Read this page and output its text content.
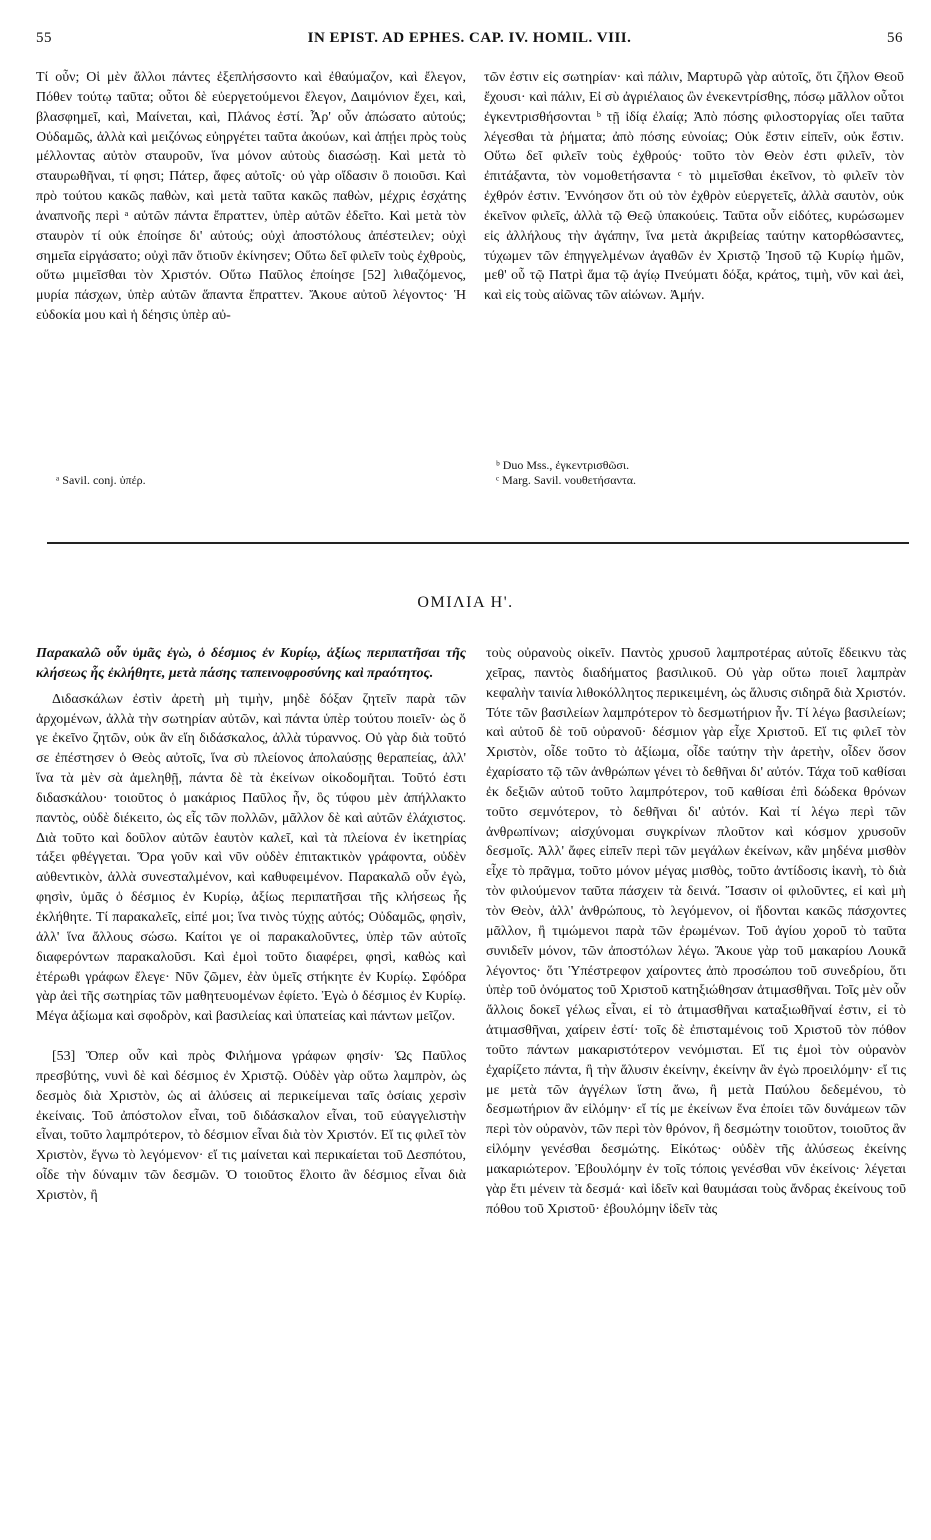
55	IN EPIST. AD EPHES. CAP. IV. HOMIL. VIII.	56

Τί οὖν; Οἱ μὲν ἄλλοι πάντες ἐξεπλήσσοντο καὶ ἐθαύμαζον, καὶ ἔλεγον, Πόθεν τούτῳ ταῦτα; οὗτοι δὲ εὐεργετούμενοι ἔλεγον, Δαιμόνιον ἔχει, καὶ, βλασφημεῖ, καὶ, Μαίνεται, καὶ, Πλάνος ἐστί. Ἆρ' οὖν ἀπώσατο αὐτούς; Οὐδαμῶς, ἀλλὰ καὶ μειζόνως εὐηργέτει ταῦτα ἀκούων, καὶ ἀπῄει πρὸς τοὺς μέλλοντας αὐτὸν σταυροῦν, ἵνα μόνον αὐτοὺς διασώσῃ. Καὶ μετὰ τὸ σταυρωθῆναι, τί φησι; Πάτερ, ἄφες αὐτοῖς· οὐ γὰρ οἴδασιν ὃ ποιοῦσι. Καὶ πρὸ τούτου κακῶς παθὼν, καὶ μετὰ ταῦτα κακῶς παθὼν, μέχρις ἐσχάτης ἀναπνοῆς περὶ ᵃ αὐτῶν πάντα ἔπραττεν, ὑπὲρ αὐτῶν ἐδεῖτο. Καὶ μετὰ τὸν σταυρὸν τί οὐκ ἐποίησε δι' αὐτούς; οὐχὶ ἀποστόλους ἀπέστειλεν; οὐχὶ σημεῖα εἰργάσατο; οὐχὶ πᾶν ὅτιοῦν ἐκίνησεν; Οὕτω δεῖ φιλεῖν τοὺς ἐχθροὺς, οὕτω μιμεῖσθαι τὸν Χριστόν. Οὕτω Παῦλος ἐποίησε [52] λιθαζόμενος, μυρία πάσχων, ὑπὲρ αὐτῶν ἅπαντα ἔπραττεν. Ἄκουε αὐτοῦ λέγοντος· Ἡ εὐδοκία μου καὶ ἡ δέησις ὑπὲρ αὐ-

τῶν ἐστιν εἰς σωτηρίαν· καὶ πάλιν, Μαρτυρῶ γὰρ αὐτοῖς, ὅτι ζῆλον Θεοῦ ἔχουσι· καὶ πάλιν, Εἰ σὺ ἀγριέλαιος ὢν ἐνεκεντρίσθης, πόσῳ μᾶλλον οὗτοι ἐγκεντρισθήσονται ᵇ τῇ ἰδίᾳ ἐλαίᾳ; Ἀπὸ πόσης φιλοστοργίας οἴει ταῦτα λέγεσθαι τὰ ῥήματα; ἀπὸ πόσης εὐνοίας; Οὐκ ἔστιν εἰπεῖν, οὐκ ἔστιν. Οὕτω δεῖ φιλεῖν τοὺς ἐχθρούς· τοῦτο τὸν Θεὸν ἐστι φιλεῖν, τὸν ἐπιτάξαντα, τὸν νομοθετήσαντα ᶜ τὸ μιμεῖσθαι ἐκεῖνον, τὸ φιλεῖν τὸν ἐχθρόν ἐστιν. Ἐννόησον ὅτι οὐ τὸν ἐχθρὸν εὐεργετεῖς, ἀλλὰ σαυτὸν, οὐκ ἐκεῖνον φιλεῖς, ἀλλὰ τῷ Θεῷ ὑπακούεις. Ταῦτα οὖν εἰδότες, κυρώσωμεν εἰς ἀλλήλους τὴν ἀγάπην, ἵνα μετὰ ἀκριβείας ταύτην κατορθώσαντες, τύχωμεν τῶν ἐπηγγελμένων ἀγαθῶν ἐν Χριστῷ Ἰησοῦ τῷ Κυρίῳ ἡμῶν, μεθ' οὗ τῷ Πατρὶ ἅμα τῷ ἁγίῳ Πνεύματι δόξα, κράτος, τιμὴ, νῦν καὶ ἀεὶ, καὶ εἰς τοὺς αἰῶνας τῶν αἰώνων. Ἀμήν.

ᵃ Savil. conj. ὑπέρ.
ᵇ Duo Mss., ἐγκεντρισθῶσι.
ᶜ Marg. Savil. νουθετήσαντα.
ΟΜΙΛΙΑ Η'.

Παρακαλῶ οὖν ὑμᾶς ἐγὼ, ὁ δέσμιος ἐν Κυρίῳ, ἀξίως περιπατῆσαι τῆς κλήσεως ἧς ἐκλήθητε, μετὰ πάσης ταπεινοφροσύνης καὶ πραότητος.

Διδασκάλων ἐστὶν ἀρετὴ μὴ τιμὴν, μηδὲ δόξαν ζητεῖν παρὰ τῶν ἀρχομένων, ἀλλὰ τὴν σωτηρίαν αὐτῶν, καὶ πάντα ὑπὲρ τούτου ποιεῖν· ὡς ὅ γε ἐκεῖνο ζητῶν, οὐκ ἂν εἴη διδάσκαλος, ἀλλὰ τύραννος. Οὐ γὰρ διὰ τοῦτό σε ἐπέστησεν ὁ Θεὸς αὐτοῖς, ἵνα σὺ πλείονος ἀπολαύσῃς θεραπείας, ἀλλ' ἵνα τὰ μὲν σὰ ἀμεληθῇ, πάντα δὲ τὰ ἐκείνων οἰκοδομῆται. Τοῦτό ἐστι διδασκάλου· τοιοῦτος ὁ μακάριος Παῦλος ἦν, ὃς τύφου μὲν ἀπήλλακτο παντὸς, οὐδὲ διέκειτο, ὡς εἷς τῶν πολλῶν, μᾶλλον δὲ καὶ αὐτῶν ἐλάχιστος. Διὰ τοῦτο καὶ δοῦλον αὐτῶν ἑαυτὸν καλεῖ, καὶ τὰ πλείονα ἐν ἱκετηρίας τάξει φθέγγεται. Ὅρα γοῦν καὶ νῦν οὐδὲν ἐπιτακτικὸν γράφοντα, οὐδὲν αὐθεντικὸν, ἀλλὰ συνεσταλμένον, καὶ καθυφειμένον. Παρακαλῶ οὖν ἐγὼ, φησὶν, ὑμᾶς ὁ δέσμιος ἐν Κυρίῳ, ἀξίως περιπατῆσαι τῆς κλήσεως ἧς ἐκλήθητε. Τί παρακαλεῖς, εἰπέ μοι; ἵνα τινὸς τύχῃς αὐτός; Οὐδαμῶς, φησὶν, ἀλλ' ἵνα ἄλλους σώσω. Καίτοι γε οἱ παρακαλοῦντες, ὑπὲρ τῶν αὐτοῖς διαφερόντων παρακαλοῦσι. Καὶ ἐμοὶ τοῦτο διαφέρει, φησὶ, καθὼς καὶ ἑτέρωθι γράφων ἔλεγε· Νῦν ζῶμεν, ἐὰν ὑμεῖς στήκητε ἐν Κυρίῳ. Σφόδρα γὰρ ἀεὶ τῆς σωτηρίας τῶν μαθητευομένων ἐφίετο. Ἐγὼ ὁ δέσμιος ἐν Κυρίῳ. Μέγα ἀξίωμα καὶ σφοδρὸν, καὶ βασιλείας καὶ ὑπατείας καὶ πάντων μεῖζον.

[53] Ὅπερ οὖν καὶ πρὸς Φιλήμονα γράφων φησίν· Ὡς Παῦλος πρεσβύτης, νυνὶ δὲ καὶ δέσμιος ἐν Χριστῷ. Οὐδὲν γὰρ οὕτω λαμπρὸν, ὡς δεσμὸς διὰ Χριστὸν, ὡς αἱ ἁλύσεις αἱ περικείμεναι ταῖς ὁσίαις χερσὶν ἐκείναις. Τοῦ ἀπόστολον εἶναι, τοῦ διδάσκαλον εἶναι, τοῦ εὐαγγελιστὴν εἶναι, τοῦτο λαμπρότερον, τὸ δέσμιον εἶναι διὰ τὸν Χριστόν. Εἴ τις φιλεῖ τὸν Χριστὸν, ἔγνω τὸ λεγόμενον· εἴ τις μαίνεται καὶ περικαίεται τοῦ Δεσπότου, οἶδε τὴν δύναμιν τῶν δεσμῶν. Ὁ τοιοῦτος ἕλοιτο ἂν δέσμιος εἶναι διὰ Χριστὸν, ἢ

τοὺς οὐρανοὺς οἰκεῖν. Παντὸς χρυσοῦ λαμπροτέρας αὐτοῖς ἔδεικνυ τὰς χεῖρας, παντὸς διαδήματος βασιλικοῦ. Οὐ γὰρ οὕτω ποιεῖ λαμπρὰν κεφαλὴν ταινία λιθοκόλλητος περικειμένη, ὡς ἅλυσις σιδηρᾶ διὰ Χριστόν. Τότε τῶν βασιλείων λαμπρότερον τὸ δεσμωτήριον ἦν. Τί λέγω βασιλείων; καὶ αὐτοῦ δὲ τοῦ οὐρανοῦ· δέσμιον γὰρ εἶχε Χριστοῦ. Εἴ τις φιλεῖ τὸν Χριστὸν, οἶδε τοῦτο τὸ ἀξίωμα, οἶδε ταύτην τὴν ἀρετὴν, οἶδεν ὅσον ἐχαρίσατο τῷ τῶν ἀνθρώπων γένει τὸ δεθῆναι δι' αὐτόν. Τάχα τοῦ καθίσαι ἐκ δεξιῶν αὐτοῦ τοῦτο λαμπρότερον, τοῦ καθίσαι ἐπὶ δώδεκα θρόνων τοῦτο σεμνότερον, τὸ δεθῆναι δι' αὐτόν. Καὶ τί λέγω περὶ τῶν ἀνθρωπίνων; αἰσχύνομαι συγκρίνων πλοῦτον καὶ κόσμον χρυσοῦν δεσμοῖς. Ἀλλ' ἄφες εἰπεῖν περὶ τῶν μεγάλων ἐκείνων, κἂν μηδένα μισθὸν εἶχε τὸ πρᾶγμα, τοῦτο μόνον μέγας μισθὸς, τοῦτο ἀντίδοσις ἱκανὴ, τὸ διὰ τὸν φιλούμενον ταῦτα πάσχειν τὰ δεινά. Ἴσασιν οἱ φιλοῦντες, εἰ καὶ μὴ τὸν Θεὸν, ἀλλ' ἀνθρώπους, τὸ λεγόμενον, οἱ ἥδονται κακῶς πάσχοντες μᾶλλον, ἢ τιμώμενοι παρὰ τῶν ἐρωμένων. Τοῦ ἁγίου χοροῦ τὸ ταῦτα συνιδεῖν μόνον, τῶν ἀποστόλων λέγω. Ἄκουε γὰρ τοῦ μακαρίου Λουκᾶ λέγοντος· ὅτι Ὑπέστρεφον χαίροντες ἀπὸ προσώπου τοῦ συνεδρίου, ὅτι ὑπὲρ τοῦ ὀνόματος τοῦ Χριστοῦ κατηξιώθησαν ἀτιμασθῆναι. Τοῖς μὲν οὖν ἄλλοις δοκεῖ γέλως εἶναι, εἰ τὸ ἀτιμασθῆναι καταξιωθῆναί ἐστιν, εἰ τὸ ἀτιμασθῆναι, χαίρειν ἐστί· τοῖς δὲ ἐπισταμένοις τοῦ Χριστοῦ τὸν πόθον τοῦτο πάντων μακαριστότερον νενόμισται. Εἴ τις ἐμοὶ τὸν οὐρανὸν ἐχαρίζετο πάντα, ἢ τὴν ἅλυσιν ἐκείνην, ἐκείνην ἂν ἐγὼ προειλόμην· εἴ τις με μετὰ τῶν ἀγγέλων ἵστη ἄνω, ἢ μετὰ Παύλου δεδεμένου, τὸ δεσμωτήριον ἂν εἱλόμην· εἴ τίς με ἐκείνων ἕνα ἐποίει τῶν δυνάμεων τῶν περὶ τὸν οὐρανὸν, τῶν περὶ τὸν θρόνον, ἢ δεσμώτην τοιοῦτον, τοιοῦτος ἂν εἱλόμην γενέσθαι δεσμώτης. Εἰκότως· οὐδὲν τῆς ἁλύσεως ἐκείνης μακαριώτερον. Ἐβουλόμην ἐν τοῖς τόποις γενέσθαι νῦν ἐκείνοις· λέγεται γὰρ ἔτι μένειν τὰ δεσμά· καὶ ἰδεῖν καὶ θαυμάσαι τοὺς ἄνδρας ἐκείνους τοῦ πόθου τοῦ Χριστοῦ· ἐβουλόμην ἰδεῖν τὰς
